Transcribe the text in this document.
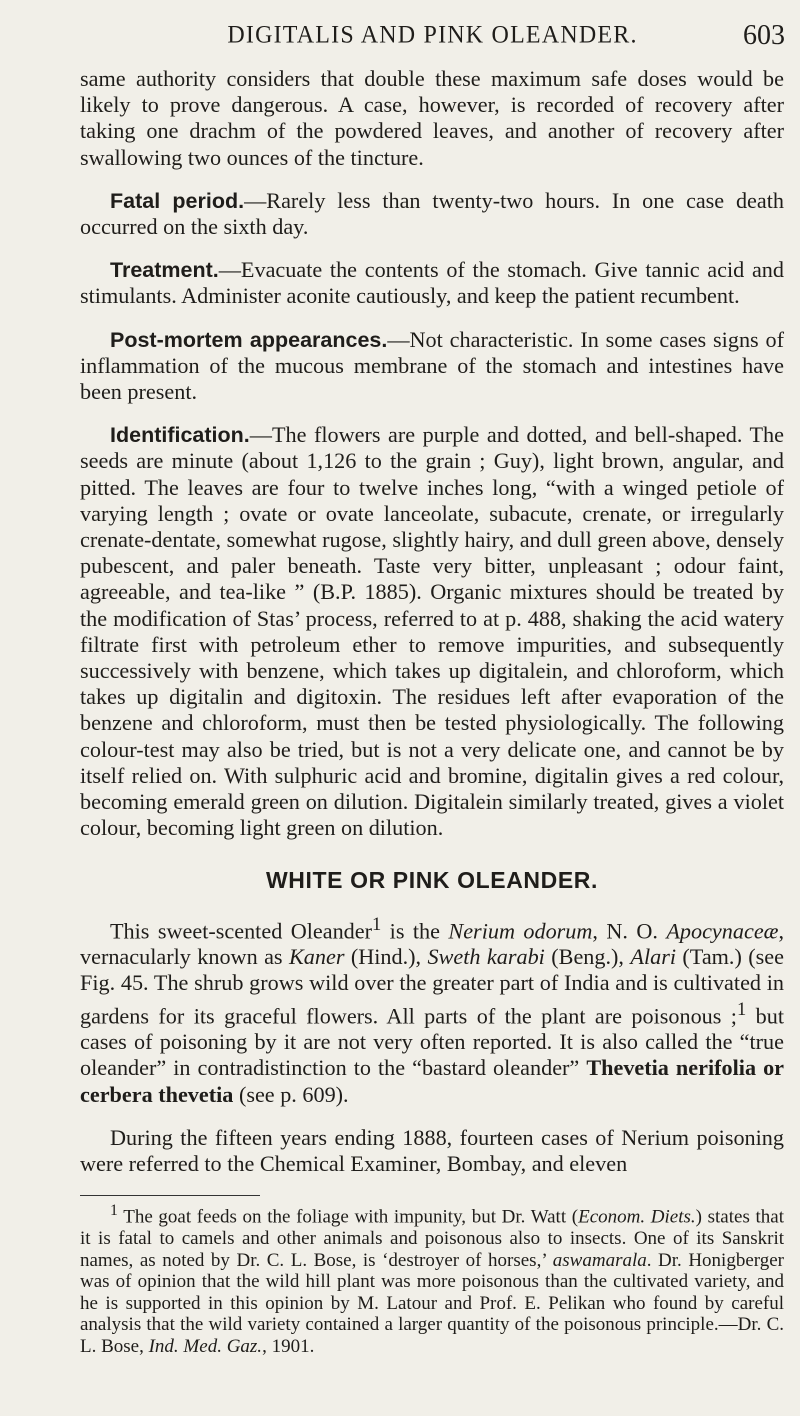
DIGITALIS AND PINK OLEANDER.	603

same authority considers that double these maximum safe doses would be likely to prove dangerous. A case, however, is recorded of recovery after taking one drachm of the powdered leaves, and another of recovery after swallowing two ounces of the tincture.

Fatal period.—Rarely less than twenty-two hours. In one case death occurred on the sixth day.

Treatment.—Evacuate the contents of the stomach. Give tannic acid and stimulants. Administer aconite cautiously, and keep the patient recumbent.

Post-mortem appearances.—Not characteristic. In some cases signs of inflammation of the mucous membrane of the stomach and intestines have been present.

Identification.—The flowers are purple and dotted, and bell-shaped. The seeds are minute (about 1,126 to the grain ; Guy), light brown, angular, and pitted. The leaves are four to twelve inches long, “with a winged petiole of varying length ; ovate or ovate lanceolate, subacute, crenate, or irregularly crenate-dentate, somewhat rugose, slightly hairy, and dull green above, densely pubescent, and paler beneath. Taste very bitter, unpleasant ; odour faint, agreeable, and tea-like ” (B.P. 1885). Organic mixtures should be treated by the modification of Stas’ process, referred to at p. 488, shaking the acid watery filtrate first with petroleum ether to remove impurities, and subsequently successively with benzene, which takes up digitalein, and chloroform, which takes up digitalin and digitoxin. The residues left after evaporation of the benzene and chloroform, must then be tested physiologically. The following colour-test may also be tried, but is not a very delicate one, and cannot be by itself relied on. With sulphuric acid and bromine, digitalin gives a red colour, becoming emerald green on dilution. Digitalein similarly treated, gives a violet colour, becoming light green on dilution.

WHITE OR PINK OLEANDER.

This sweet-scented Oleander$^1$ is the Nerium odorum, N. O. Apocynaceæ, vernacularly known as Kaner (Hind.), Sweth karabi (Beng.), Alari (Tam.) (see Fig. 45. The shrub grows wild over the greater part of India and is cultivated in gardens for its graceful flowers. All parts of the plant are poisonous ;$^1$ but cases of poisoning by it are not very often reported. It is also called the “true oleander” in contradistinction to the “bastard oleander” Thevetia nerifolia or cerbera thevetia (see p. 609).

During the fifteen years ending 1888, fourteen cases of Nerium poisoning were referred to the Chemical Examiner, Bombay, and eleven

$^1$ The goat feeds on the foliage with impunity, but Dr. Watt (Econom. Diets.) states that it is fatal to camels and other animals and poisonous also to insects. One of its Sanskrit names, as noted by Dr. C. L. Bose, is ‘destroyer of horses,’ aswamarala. Dr. Honigberger was of opinion that the wild hill plant was more poisonous than the cultivated variety, and he is supported in this opinion by M. Latour and Prof. E. Pelikan who found by careful analysis that the wild variety contained a larger quantity of the poisonous principle.—Dr. C. L. Bose, Ind. Med. Gaz., 1901.
